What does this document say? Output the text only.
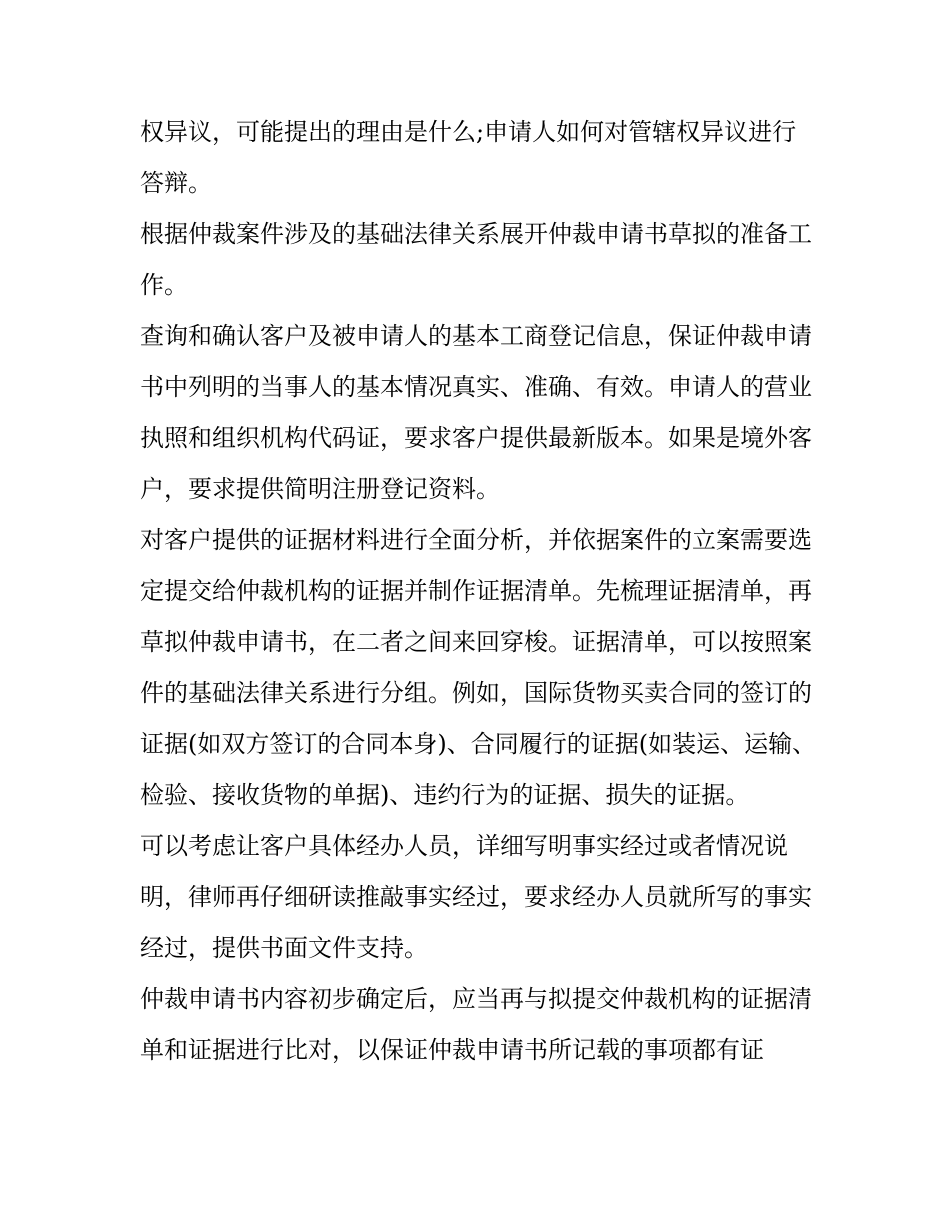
权异议，可能提出的理由是什么;申请人如何对管辖权异议进行答辩。

根据仲裁案件涉及的基础法律关系展开仲裁申请书草拟的准备工作。

查询和确认客户及被申请人的基本工商登记信息，保证仲裁申请书中列明的当事人的基本情况真实、准确、有效。申请人的营业执照和组织机构代码证，要求客户提供最新版本。如果是境外客户，要求提供简明注册登记资料。

对客户提供的证据材料进行全面分析，并依据案件的立案需要选定提交给仲裁机构的证据并制作证据清单。先梳理证据清单，再草拟仲裁申请书，在二者之间来回穿梭。证据清单，可以按照案件的基础法律关系进行分组。例如，国际货物买卖合同的签订的证据(如双方签订的合同本身)、合同履行的证据(如装运、运输、检验、接收货物的单据)、违约行为的证据、损失的证据。

可以考虑让客户具体经办人员，详细写明事实经过或者情况说明，律师再仔细研读推敲事实经过，要求经办人员就所写的事实经过，提供书面文件支持。

仲裁申请书内容初步确定后，应当再与拟提交仲裁机构的证据清单和证据进行比对，以保证仲裁申请书所记载的事项都有证
